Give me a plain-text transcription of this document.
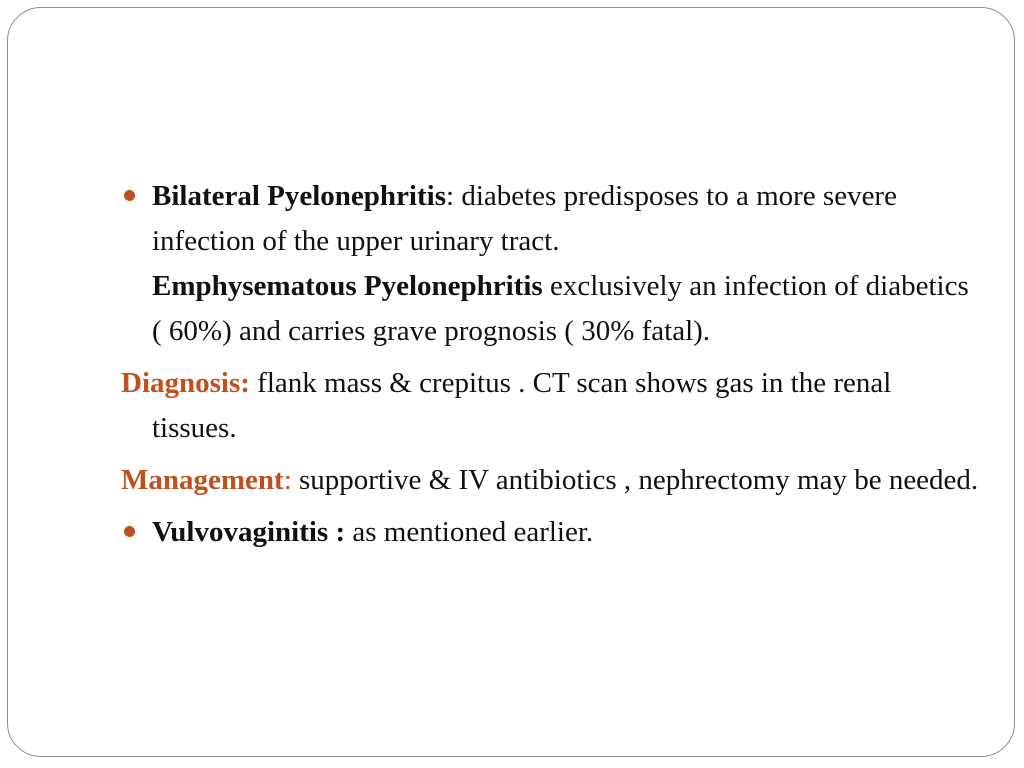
Bilateral Pyelonephritis: diabetes predisposes to a more severe infection of the upper urinary tract.
Emphysematous Pyelonephritis exclusively an infection of diabetics ( 60%) and carries grave prognosis ( 30% fatal).

Diagnosis: flank mass & crepitus . CT scan shows gas in the renal tissues.

Management: supportive & IV antibiotics , nephrectomy may be needed.

Vulvovaginitis : as mentioned earlier.
